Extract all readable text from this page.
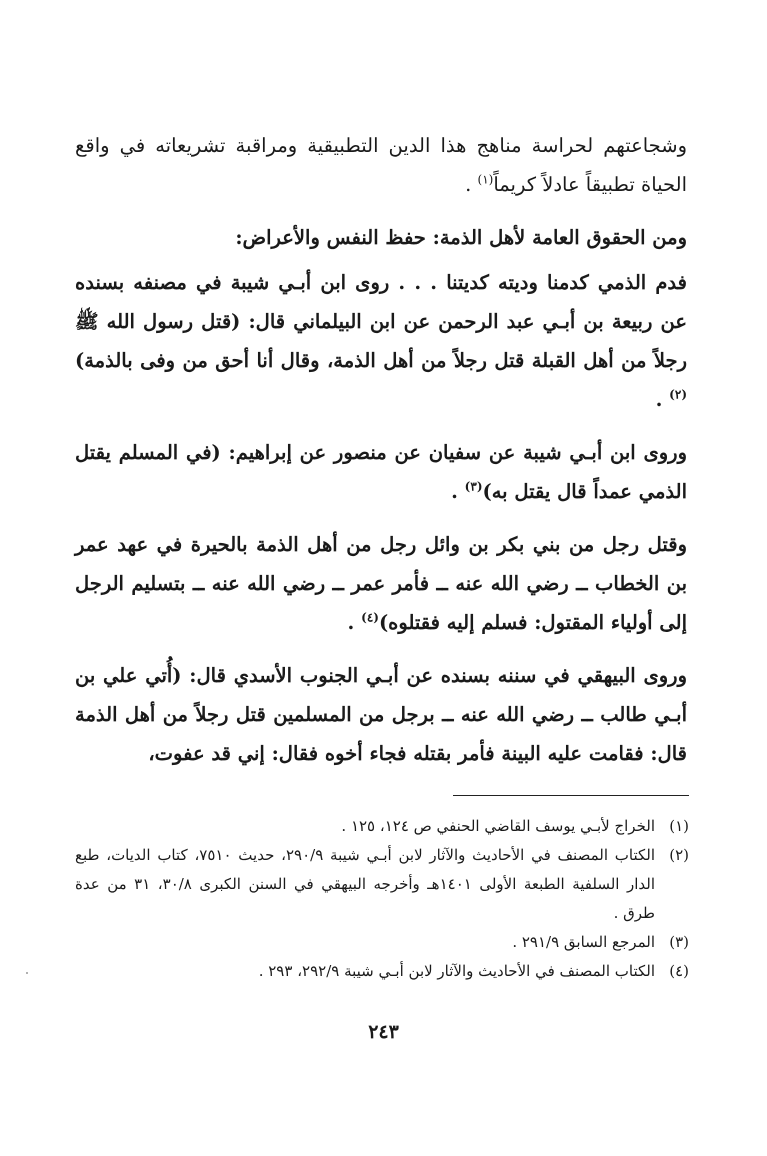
وشجاعتهم لحراسة مناهج هذا الدين التطبيقية ومراقبة تشريعاته في واقع الحياة تطبيقاً عادلاً كريماً$^{(١)}$ .

ومن الحقوق العامة لأهل الذمة: حفظ النفس والأعراض:

فدم الذمي كدمنا وديته كديتنا . . . روى ابن أبـي شيبة في مصنفه بسنده عن ربيعة بن أبـي عبد الرحمن عن ابن البيلماني قال: (قتل رسول الله ﷺ رجلاً من أهل القبلة قتل رجلاً من أهل الذمة، وقال أنا أحق من وفى بالذمة)$^{(٢)}$ .

وروى ابن أبـي شيبة عن سفيان عن منصور عن إبراهيم: (في المسلم يقتل الذمي عمداً قال يقتل به)$^{(٣)}$ .

وقتل رجل من بني بكر بن وائل رجل من أهل الذمة بالحيرة في عهد عمر بن الخطاب ــ رضي الله عنه ــ فأمر عمر ــ رضي الله عنه ــ بتسليم الرجل إلى أولياء المقتول: فسلم إليه فقتلوه)$^{(٤)}$ .

وروى البيهقي في سننه بسنده عن أبـي الجنوب الأسدي قال: (أُتي علي بن أبـي طالب ــ رضي الله عنه ــ برجل من المسلمين قتل رجلاً من أهل الذمة قال: فقامت عليه البينة فأمر بقتله فجاء أخوه فقال: إني قد عفوت،

(١)
الخراج لأبـي يوسف القاضي الحنفي ص ١٢٤، ١٢٥ .
(٢)
الكتاب المصنف في الأحاديث والآثار لابن أبـي شيبة ٢٩٠/٩، حديث ٧٥١٠، كتاب الديات، طبع الدار السلفية الطبعة الأولى ١٤٠١هـ وأخرجه البيهقي في السنن الكبرى ٣٠/٨، ٣١ من عدة طرق .
(٣)
المرجع السابق ٢٩١/٩ .
(٤)
الكتاب المصنف في الأحاديث والآثار لابن أبـي شيبة ٢٩٢/٩، ٢٩٣ .
٢٤٣
